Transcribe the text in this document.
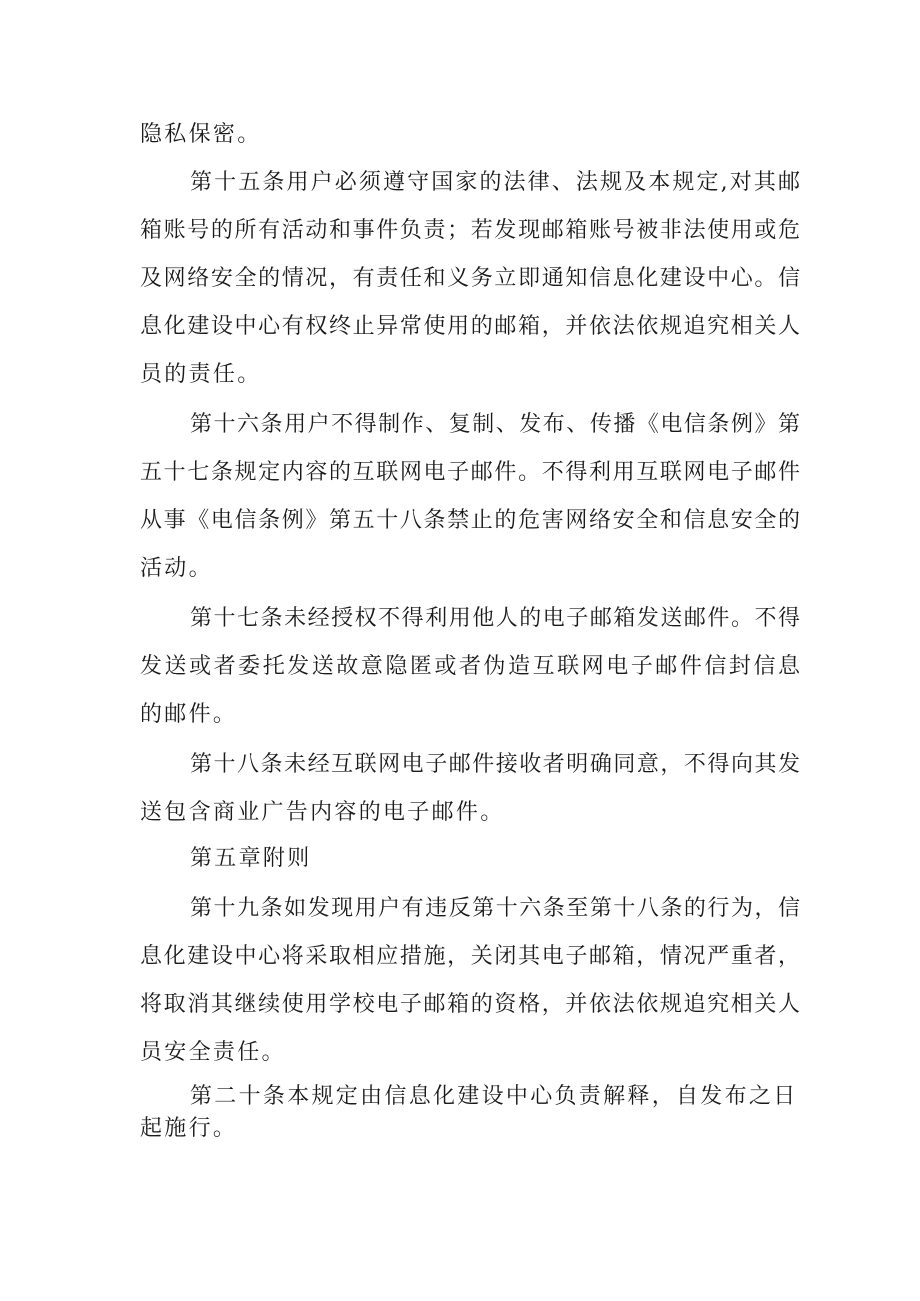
隐私保密。
第十五条用户必须遵守国家的法律、法规及本规定,对其邮
箱账号的所有活动和事件负责；若发现邮箱账号被非法使用或危
及网络安全的情况，有责任和义务立即通知信息化建设中心。信
息化建设中心有权终止异常使用的邮箱，并依法依规追究相关人
员的责任。
第十六条用户不得制作、复制、发布、传播《电信条例》第
五十七条规定内容的互联网电子邮件。不得利用互联网电子邮件
从事《电信条例》第五十八条禁止的危害网络安全和信息安全的
活动。
第十七条未经授权不得利用他人的电子邮箱发送邮件。不得
发送或者委托发送故意隐匿或者伪造互联网电子邮件信封信息
的邮件。
第十八条未经互联网电子邮件接收者明确同意，不得向其发
送包含商业广告内容的电子邮件。
第五章附则
第十九条如发现用户有违反第十六条至第十八条的行为，信
息化建设中心将采取相应措施，关闭其电子邮箱，情况严重者，
将取消其继续使用学校电子邮箱的资格，并依法依规追究相关人
员安全责任。
第二十条本规定由信息化建设中心负责解释，自发布之日
起施行。
